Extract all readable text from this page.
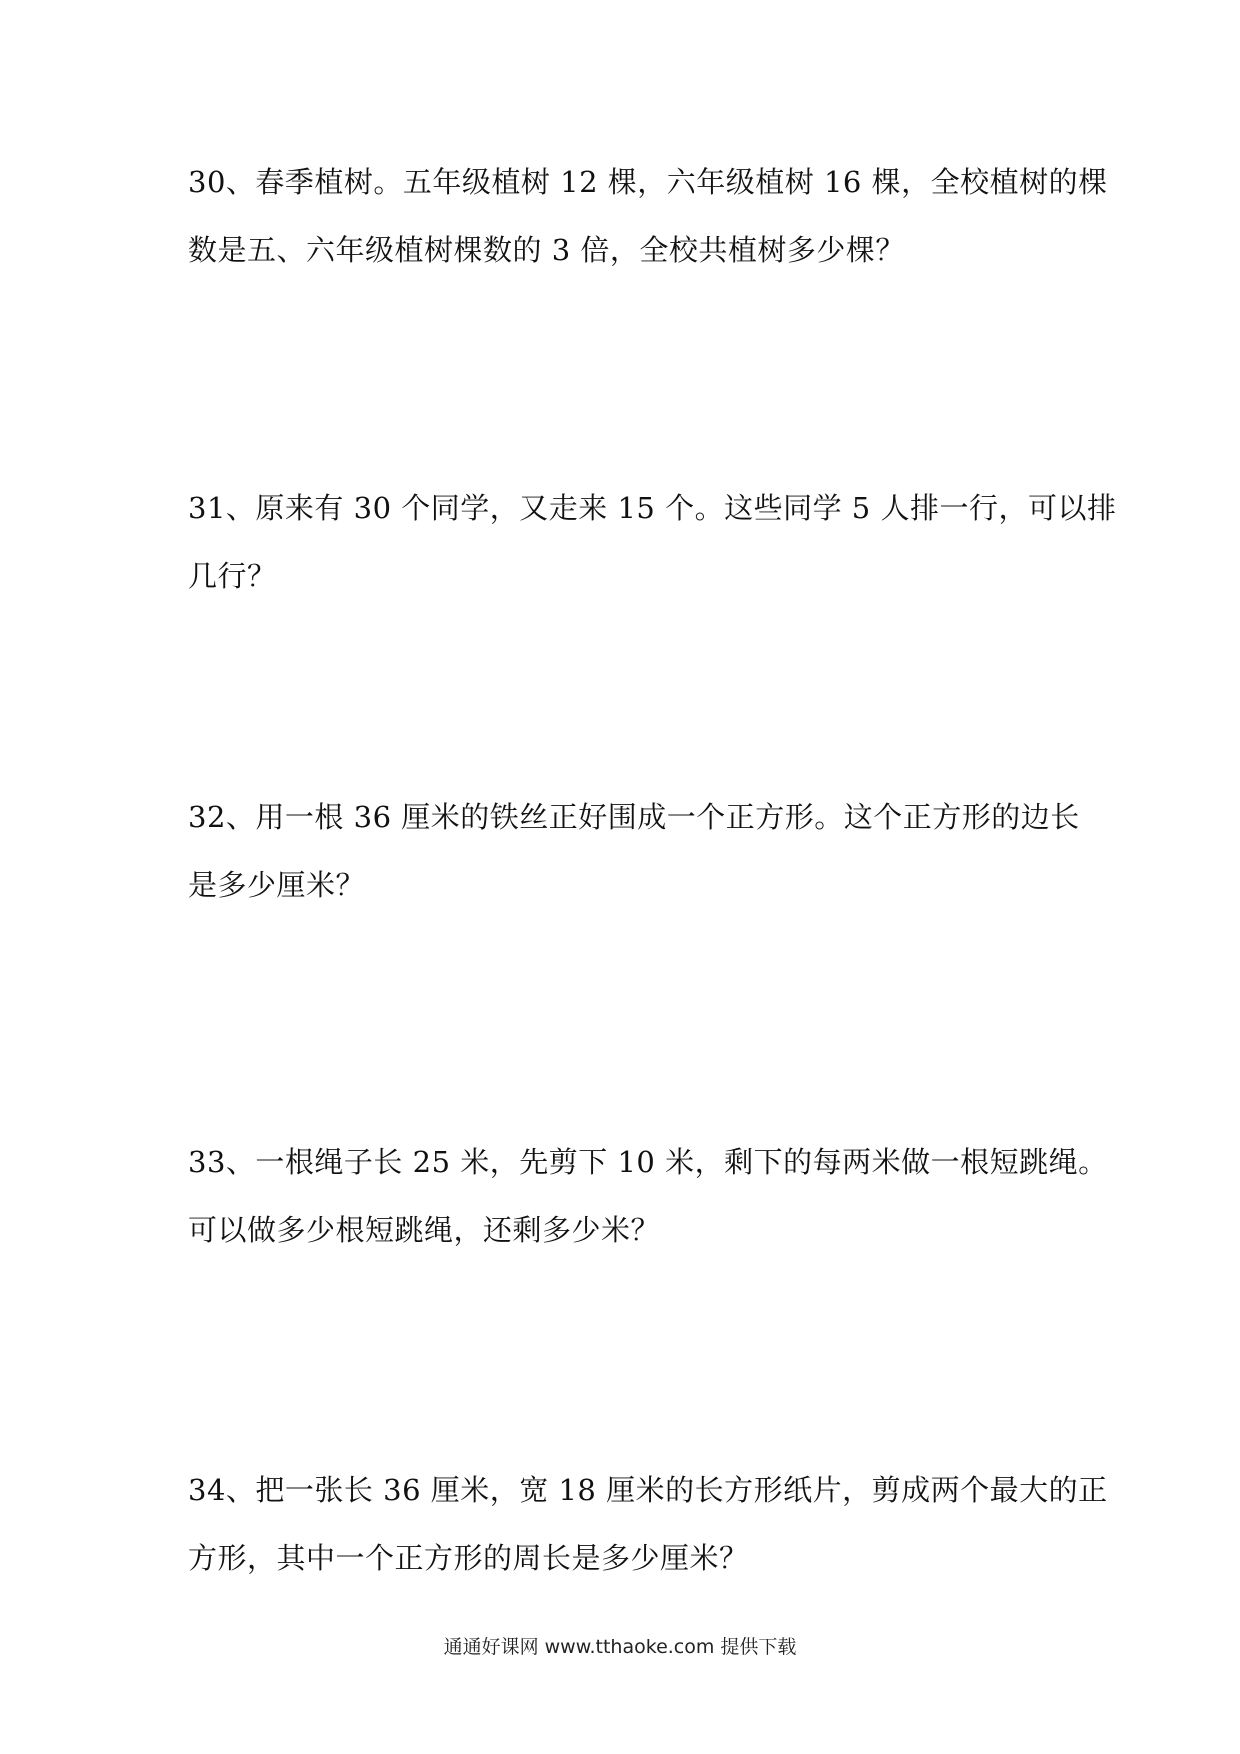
30、春季植树。五年级植树 12 棵，六年级植树 16 棵，全校植树的棵

数是五、六年级植树棵数的 3 倍，全校共植树多少棵？

31、原来有 30 个同学，又走来 15 个。这些同学 5 人排一行，可以排

几行？

32、用一根 36 厘米的铁丝正好围成一个正方形。这个正方形的边长

是多少厘米？

33、一根绳子长 25 米，先剪下 10 米，剩下的每两米做一根短跳绳。

可以做多少根短跳绳，还剩多少米？

34、把一张长 36 厘米，宽 18 厘米的长方形纸片，剪成两个最大的正

方形，其中一个正方形的周长是多少厘米？

通通好课网 www.tthaoke.com 提供下载
